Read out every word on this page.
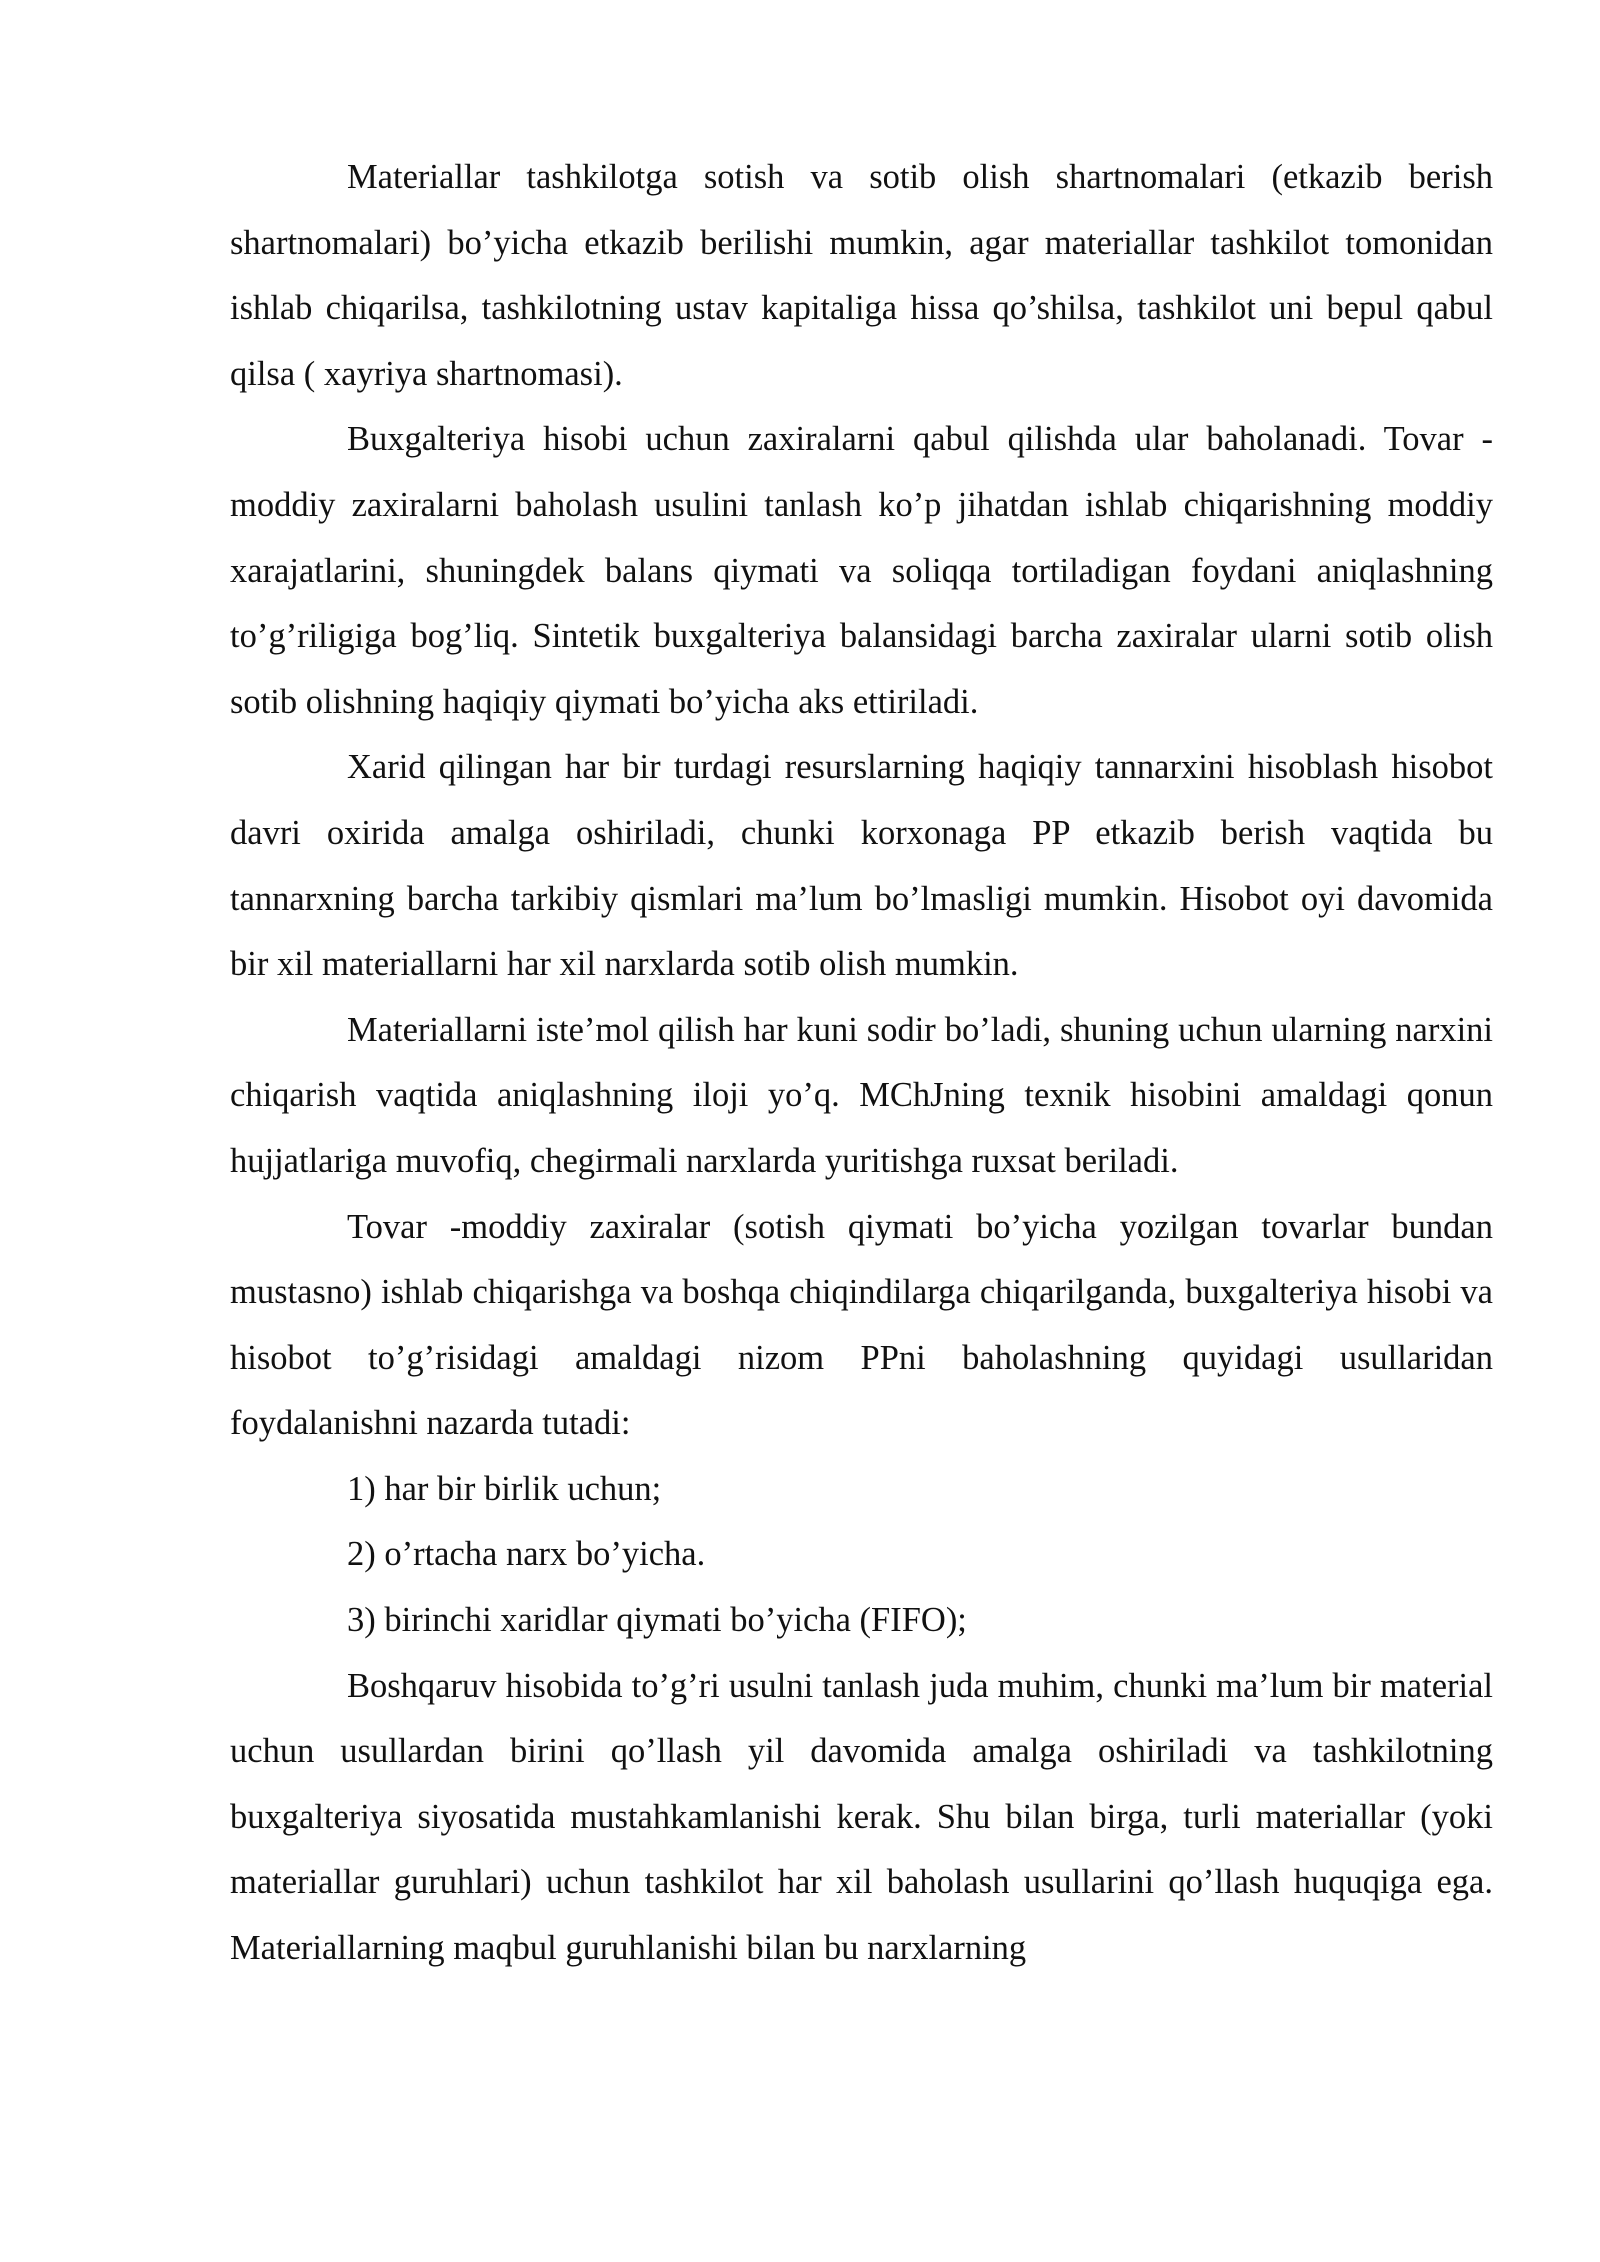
Materiallar tashkilotga sotish va sotib olish shartnomalari (etkazib berish shartnomalari) bo’yicha etkazib berilishi mumkin, agar materiallar tashkilot tomonidan ishlab chiqarilsa, tashkilotning ustav kapitaliga hissa qo’shilsa, tashkilot uni bepul qabul qilsa ( xayriya shartnomasi).

Buxgalteriya hisobi uchun zaxiralarni qabul qilishda ular baholanadi. Tovar -moddiy zaxiralarni baholash usulini tanlash ko’p jihatdan ishlab chiqarishning moddiy xarajatlarini, shuningdek balans qiymati va soliqqa tortiladigan foydani aniqlashning to’g’riligiga bog’liq. Sintetik buxgalteriya balansidagi barcha zaxiralar ularni sotib olish sotib olishning haqiqiy qiymati bo’yicha aks ettiriladi.

Xarid qilingan har bir turdagi resurslarning haqiqiy tannarxini hisoblash hisobot davri oxirida amalga oshiriladi, chunki korxonaga PP etkazib berish vaqtida bu tannarxning barcha tarkibiy qismlari ma’lum bo’lmasligi mumkin. Hisobot oyi davomida bir xil materiallarni har xil narxlarda sotib olish mumkin.

Materiallarni iste’mol qilish har kuni sodir bo’ladi, shuning uchun ularning narxini chiqarish vaqtida aniqlashning iloji yo’q. MChJning texnik hisobini amaldagi qonun hujjatlariga muvofiq, chegirmali narxlarda yuritishga ruxsat beriladi.

Tovar -moddiy zaxiralar (sotish qiymati bo’yicha yozilgan tovarlar bundan mustasno) ishlab chiqarishga va boshqa chiqindilarga chiqarilganda, buxgalteriya hisobi va hisobot to’g’risidagi amaldagi nizom PPni baholashning quyidagi usullaridan foydalanishni nazarda tutadi:

1) har bir birlik uchun;

2) o’rtacha narx bo’yicha.

3) birinchi xaridlar qiymati bo’yicha (FIFO);

Boshqaruv hisobida to’g’ri usulni tanlash juda muhim, chunki ma’lum bir material uchun usullardan birini qo’llash yil davomida amalga oshiriladi va tashkilotning buxgalteriya siyosatida mustahkamlanishi kerak. Shu bilan birga, turli materiallar (yoki materiallar guruhlari) uchun tashkilot har xil baholash usullarini qo’llash huquqiga ega. Materiallarning maqbul guruhlanishi bilan bu narxlarning
